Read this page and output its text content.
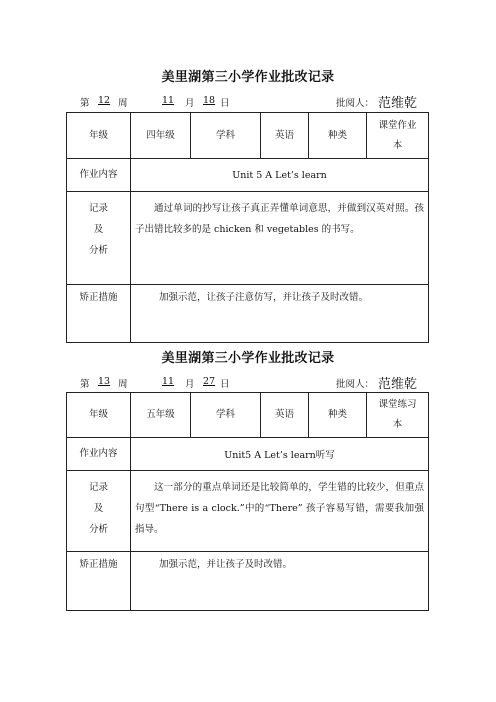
美里湖第三小学作业批改记录
第 12 周	11 月 18 日	批阅人： 范维乾
年级	四年级	学科	英语	种类	课堂作业
本

作业内容	Unit 5 A Let’s learn				

记录
及
分析	通过单词的抄写让孩子真正弄懂单词意思，并做到汉英对照。孩子出错比较多的是 chicken 和 vegetables 的书写。				
矫正措施	加强示范，让孩子注意仿写，并让孩子及时改错。				
美里湖第三小学作业批改记录
第 13 周	11 月 27 日	批阅人： 范维乾
年级	五年级	学科	英语	种类	课堂练习
本

作业内容	Unit5 A Let’s learn听写				

记录
及
分析	这一部分的重点单词还是比较简单的，学生错的比较少，但重点句型“There is a clock.”中的“There” 孩子容易写错，需要我加强指导。				
矫正措施	加强示范，并让孩子及时改错。				
